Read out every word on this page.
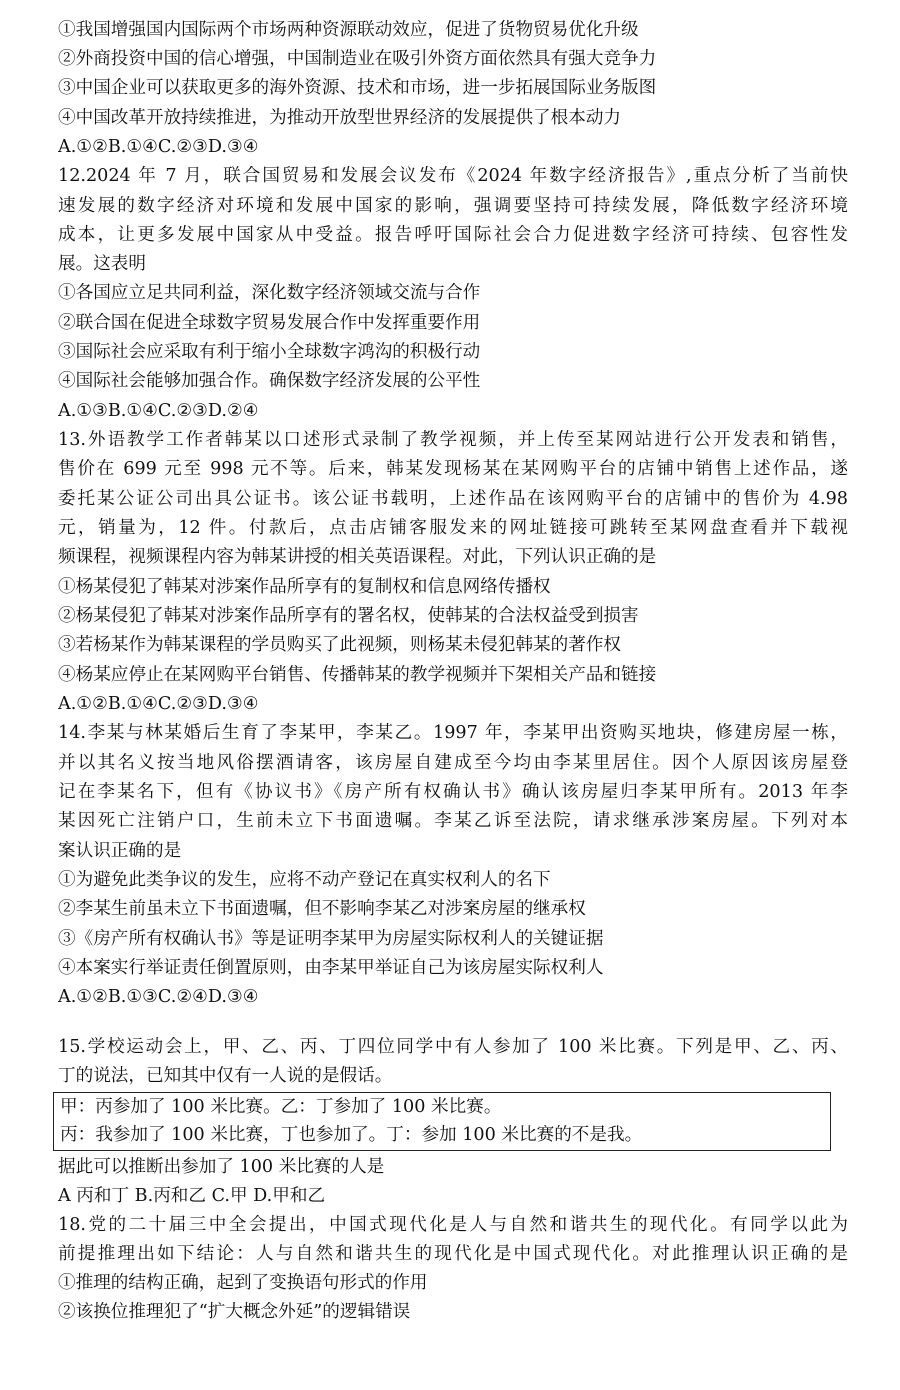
①我国增强国内国际两个市场两种资源联动效应，促进了货物贸易优化升级
②外商投资中国的信心增强，中国制造业在吸引外资方面依然具有强大竞争力
③中国企业可以获取更多的海外资源、技术和市场，进一步拓展国际业务版图
④中国改革开放持续推进，为推动开放型世界经济的发展提供了根本动力
A.①②B.①④C.②③D.③④
12.2024 年 7 月，联合国贸易和发展会议发布《2024 年数字经济报告》,重点分析了当前快
速发展的数字经济对环境和发展中国家的影响，强调要坚持可持续发展，降低数字经济环境
成本，让更多发展中国家从中受益。报告呼吁国际社会合力促进数字经济可持续、包容性发
展。这表明
①各国应立足共同利益，深化数字经济领域交流与合作
②联合国在促进全球数字贸易发展合作中发挥重要作用
③国际社会应采取有利于缩小全球数字鸿沟的积极行动
④国际社会能够加强合作。确保数字经济发展的公平性
A.①③B.①④C.②③D.②④
13.外语教学工作者韩某以口述形式录制了教学视频，并上传至某网站进行公开发表和销售，
售价在 699 元至 998 元不等。后来，韩某发现杨某在某网购平台的店铺中销售上述作品，遂
委托某公证公司出具公证书。该公证书载明，上述作品在该网购平台的店铺中的售价为 4.98
元，销量为，12 件。付款后，点击店铺客服发来的网址链接可跳转至某网盘查看并下载视
频课程，视频课程内容为韩某讲授的相关英语课程。对此，下列认识正确的是
①杨某侵犯了韩某对涉案作品所享有的复制权和信息网络传播权
②杨某侵犯了韩某对涉案作品所享有的署名权，使韩某的合法权益受到损害
③若杨某作为韩某课程的学员购买了此视频，则杨某未侵犯韩某的著作权
④杨某应停止在某网购平台销售、传播韩某的教学视频并下架相关产品和链接
A.①②B.①④C.②③D.③④
14.李某与林某婚后生育了李某甲，李某乙。1997 年，李某甲出资购买地块，修建房屋一栋，
并以其名义按当地风俗摆酒请客，该房屋自建成至今均由李某里居住。因个人原因该房屋登
记在李某名下，但有《协议书》《房产所有权确认书》确认该房屋归李某甲所有。2013 年李
某因死亡注销户口，生前未立下书面遗嘱。李某乙诉至法院，请求继承涉案房屋。下列对本
案认识正确的是
①为避免此类争议的发生，应将不动产登记在真实权利人的名下
②李某生前虽未立下书面遗嘱，但不影响李某乙对涉案房屋的继承权
③《房产所有权确认书》等是证明李某甲为房屋实际权利人的关键证据
④本案实行举证责任倒置原则，由李某甲举证自己为该房屋实际权利人
A.①②B.①③C.②④D.③④
15.学校运动会上，甲、乙、丙、丁四位同学中有人参加了 100 米比赛。下列是甲、乙、丙、
丁的说法，已知其中仅有一人说的是假话。
甲：丙参加了 100 米比赛。乙：丁参加了 100 米比赛。
丙：我参加了 100 米比赛，丁也参加了。丁：参加 100 米比赛的不是我。
据此可以推断出参加了 100 米比赛的人是
A 丙和丁 B.丙和乙 C.甲 D.甲和乙
18.党的二十届三中全会提出，中国式现代化是人与自然和谐共生的现代化。有同学以此为
前提推理出如下结论：人与自然和谐共生的现代化是中国式现代化。对此推理认识正确的是
①推理的结构正确，起到了变换语句形式的作用
②该换位推理犯了“扩大概念外延”的逻辑错误
